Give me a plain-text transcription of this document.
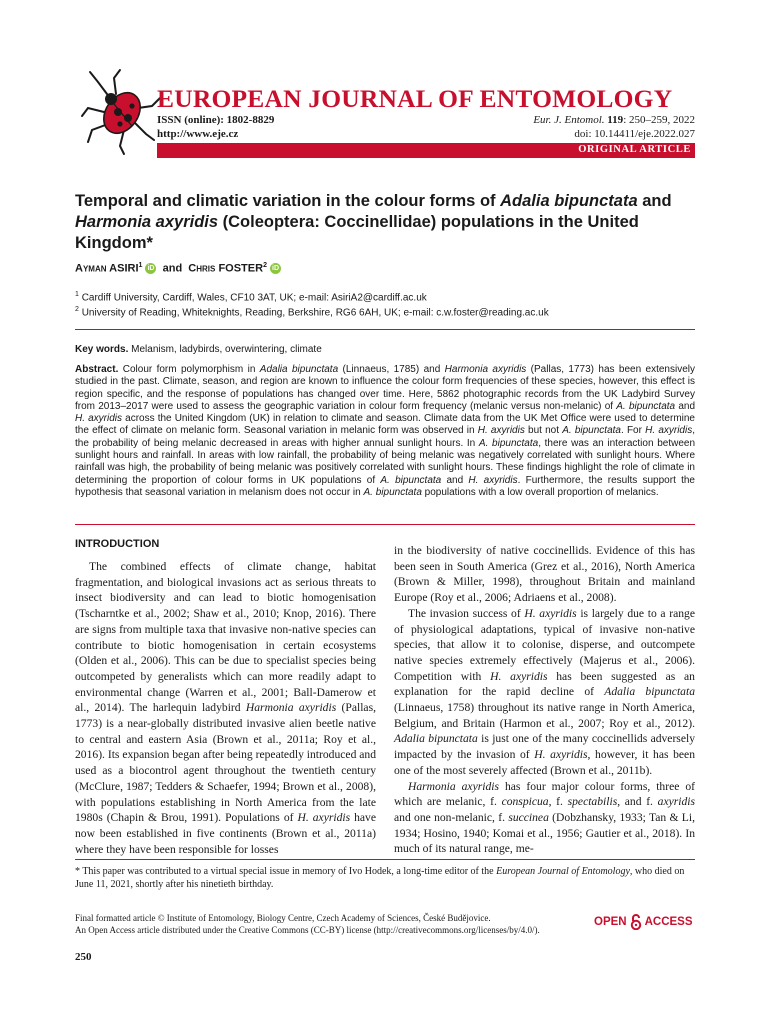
EUROPEAN JOURNAL OF ENTOMOLOGY
ISSN (online): 1802-8829
http://www.eje.cz
Eur. J. Entomol. 119: 250–259, 2022
doi: 10.14411/eje.2022.027
ORIGINAL ARTICLE
Temporal and climatic variation in the colour forms of Adalia bipunctata and Harmonia axyridis (Coleoptera: Coccinellidae) populations in the United Kingdom*
Ayman ASIRI$^1$ iD and Chris FOSTER$^2$ iD
$^1$ Cardiff University, Cardiff, Wales, CF10 3AT, UK; e-mail: AsiriA2@cardiff.ac.uk
$^2$ University of Reading, Whiteknights, Reading, Berkshire, RG6 6AH, UK; e-mail: c.w.foster@reading.ac.uk
Key words. Melanism, ladybirds, overwintering, climate
Abstract. Colour form polymorphism in Adalia bipunctata (Linnaeus, 1785) and Harmonia axyridis (Pallas, 1773) has been extensively studied in the past. Climate, season, and region are known to influence the colour form frequencies of these species, however, this effect is region specific, and the response of populations has changed over time. Here, 5862 photographic records from the UK Ladybird Survey from 2013–2017 were used to assess the geographic variation in colour form frequency (melanic versus non-melanic) of A. bipunctata and H. axyridis across the United Kingdom (UK) in relation to climate and season. Climate data from the UK Met Office were used to determine the effect of climate on melanic form. Seasonal variation in melanic form was observed in H. axyridis but not A. bipunctata. For H. axyridis, the probability of being melanic decreased in areas with higher annual sunlight hours. In A. bipunctata, there was an interaction between sunlight hours and rainfall. In areas with low rainfall, the probability of being melanic was negatively correlated with sunlight hours. Where rainfall was high, the probability of being melanic was positively correlated with sunlight hours. These findings highlight the role of climate in determining the proportion of colour forms in UK populations of A. bipunctata and H. axyridis. Furthermore, the results support the hypothesis that seasonal variation in melanism does not occur in A. bipunctata populations with a low overall proportion of melanics.
INTRODUCTION

The combined effects of climate change, habitat fragmentation, and biological invasions act as serious threats to insect biodiversity and can lead to biotic homogenisation (Tscharntke et al., 2002; Shaw et al., 2010; Knop, 2016). There are signs from multiple taxa that invasive non-native species can contribute to biotic homogenisation in certain ecosystems (Olden et al., 2006). This can be due to specialist species being outcompeted by generalists which can more readily adapt to environmental change (Warren et al., 2001; Ball-Damerow et al., 2014). The harlequin ladybird Harmonia axyridis (Pallas, 1773) is a near-globally distributed invasive alien beetle native to central and eastern Asia (Brown et al., 2011a; Roy et al., 2016). Its expansion began after being repeatedly introduced and used as a biocontrol agent throughout the twentieth century (McClure, 1987; Tedders & Schaefer, 1994; Brown et al., 2008), with populations establishing in North America from the late 1980s (Chapin & Brou, 1991). Populations of H. axyridis have now been established in five continents (Brown et al., 2011a) where they have been responsible for losses

in the biodiversity of native coccinellids. Evidence of this has been seen in South America (Grez et al., 2016), North America (Brown & Miller, 1998), throughout Britain and mainland Europe (Roy et al., 2006; Adriaens et al., 2008).

The invasion success of H. axyridis is largely due to a range of physiological adaptations, typical of invasive non-native species, that allow it to colonise, disperse, and outcompete native species extremely effectively (Majerus et al., 2006). Competition with H. axyridis has been suggested as an explanation for the rapid decline of Adalia bipunctata (Linnaeus, 1758) throughout its native range in North America, Belgium, and Britain (Harmon et al., 2007; Roy et al., 2012). Adalia bipunctata is just one of the many coccinellids adversely impacted by the invasion of H. axyridis, however, it has been one of the most severely affected (Brown et al., 2011b).

Harmonia axyridis has four major colour forms, three of which are melanic, f. conspicua, f. spectabilis, and f. axyridis and one non-melanic, f. succinea (Dobzhansky, 1933; Tan & Li, 1934; Hosino, 1940; Komai et al., 1956; Gautier et al., 2018). In much of its natural range, me-

* This paper was contributed to a virtual special issue in memory of Ivo Hodek, a long-time editor of the European Journal of Entomology, who died on June 11, 2021, shortly after his ninetieth birthday.
Final formatted article © Institute of Entomology, Biology Centre, Czech Academy of Sciences, České Budějovice.
An Open Access article distributed under the Creative Commons (CC-BY) license (http://creativecommons.org/licenses/by/4.0/).
OPEN ACCESS
250
